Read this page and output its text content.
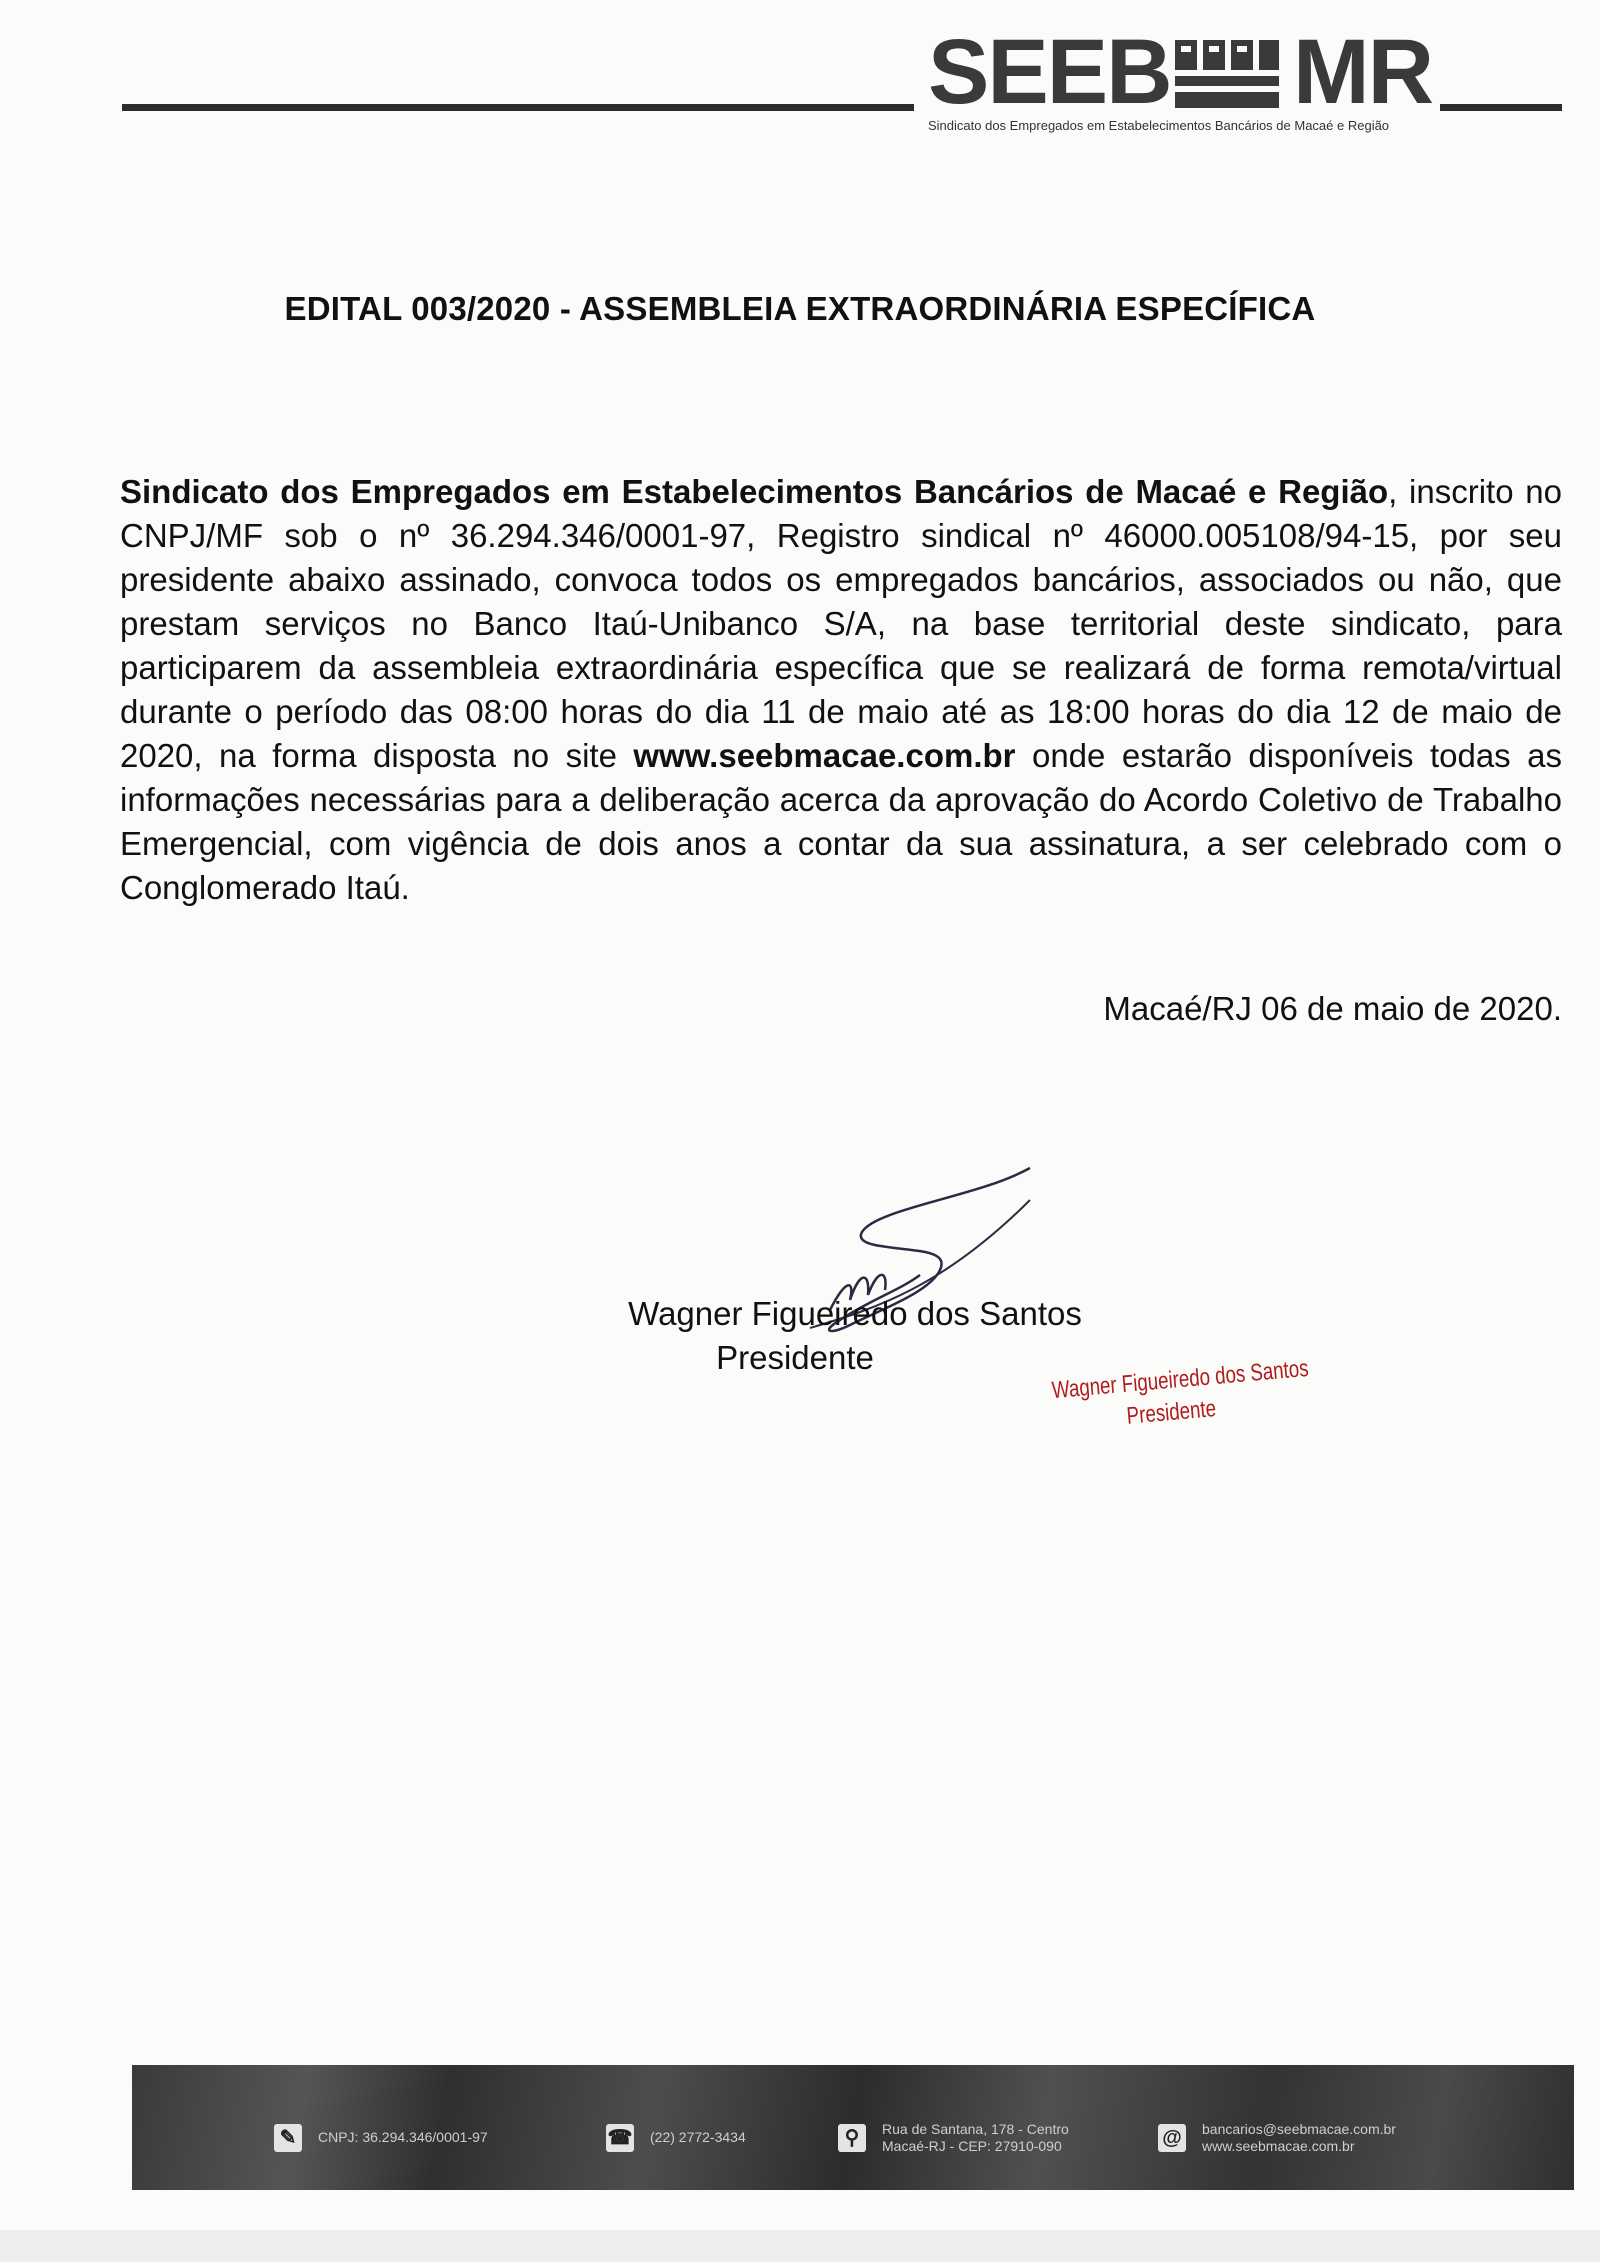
SEEB MR
Sindicato dos Empregados em Estabelecimentos Bancários de Macaé e Região
EDITAL 003/2020 - ASSEMBLEIA EXTRAORDINÁRIA ESPECÍFICA
Sindicato dos Empregados em Estabelecimentos Bancários de Macaé e Região, inscrito no CNPJ/MF sob o nº 36.294.346/0001-97, Registro sindical nº 46000.005108/94-15, por seu presidente abaixo assinado, convoca todos os empregados bancários, associados ou não, que prestam serviços no Banco Itaú-Unibanco S/A, na base territorial deste sindicato, para participarem da assembleia extraordinária específica que se realizará de forma remota/virtual durante o período das 08:00 horas do dia 11 de maio até as 18:00 horas do dia 12 de maio de 2020, na forma disposta no site www.seebmacae.com.br onde estarão disponíveis todas as informações necessárias para a deliberação acerca da aprovação do Acordo Coletivo de Trabalho Emergencial, com vigência de dois anos a contar da sua assinatura, a ser celebrado com o Conglomerado Itaú.
Macaé/RJ 06 de maio de 2020.
Wagner Figueiredo dos Santos
Presidente	Wagner Figueiredo dos Santos
Presidente
✎	CNPJ: 36.294.346/0001-97	☎ (22) 2772-3434	⚲	Rua de Santana, 178 - Centro
Macaé-RJ - CEP: 27910-090	@	bancarios@seebmacae.com.br
www.seebmacae.com.br
